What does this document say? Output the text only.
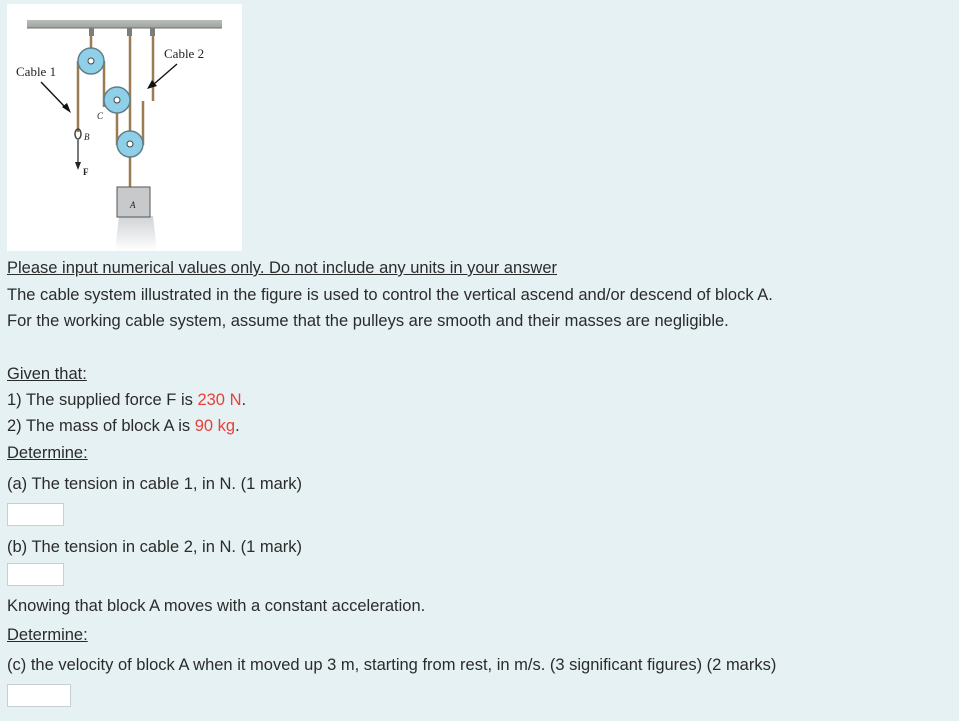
Cable 1
Cable 2
B
C
F
A
Please input numerical values only. Do not include any units in your answer
The cable system illustrated in the figure is used to control the vertical ascend and/or descend of block A.
For the working cable system, assume that the pulleys are smooth and their masses are negligible.
Given that:
1) The supplied force F is 230 N.
2) The mass of block A is 90 kg.
Determine:
(a) The tension in cable 1, in N. (1 mark)
(b) The tension in cable 2, in N. (1 mark)
Knowing that block A moves with a constant acceleration.
Determine:
(c) the velocity of block A when it moved up 3 m, starting from rest, in m/s. (3 significant figures) (2 marks)
